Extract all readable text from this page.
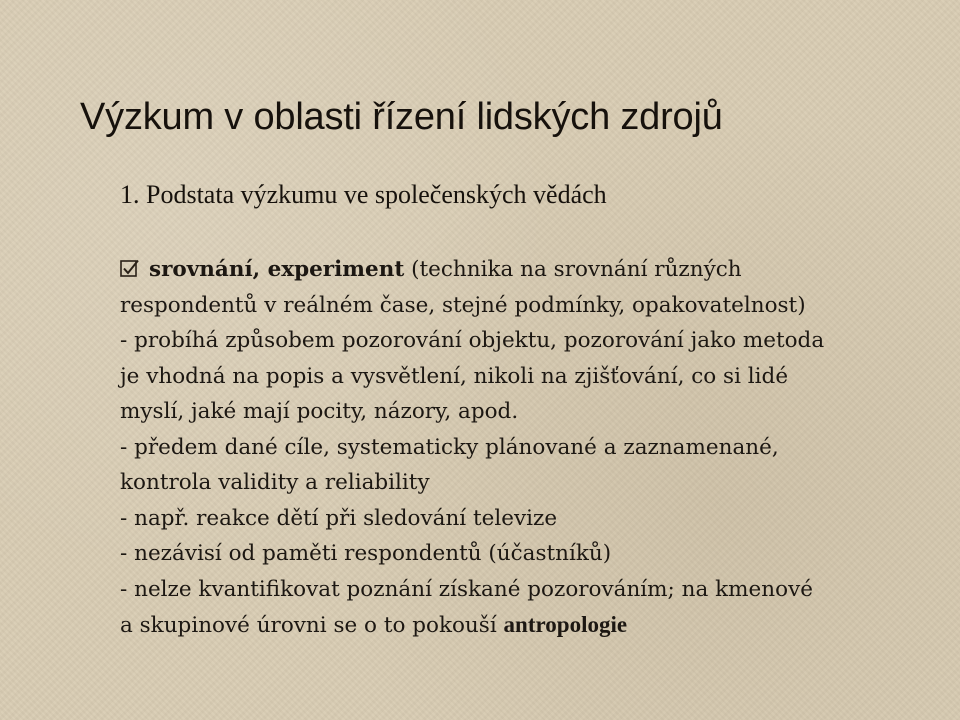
Výzkum v oblasti řízení lidských zdrojů
1. Podstata výzkumu ve společenských vědách
srovnání, experiment (technika na srovnání různých
respondentů v reálném čase, stejné podmínky, opakovatelnost)
- probíhá způsobem pozorování objektu, pozorování jako metoda
je vhodná na popis a vysvětlení, nikoli na zjišťování, co si lidé
myslí, jaké mají pocity, názory, apod.
- předem dané cíle, systematicky plánované a zaznamenané,
kontrola validity a reliability
- např. reakce dětí při sledování televize
- nezávisí od paměti respondentů (účastníků)
- nelze kvantifikovat poznání získané pozorováním; na kmenové
a skupinové úrovni se o to pokouší antropologie
